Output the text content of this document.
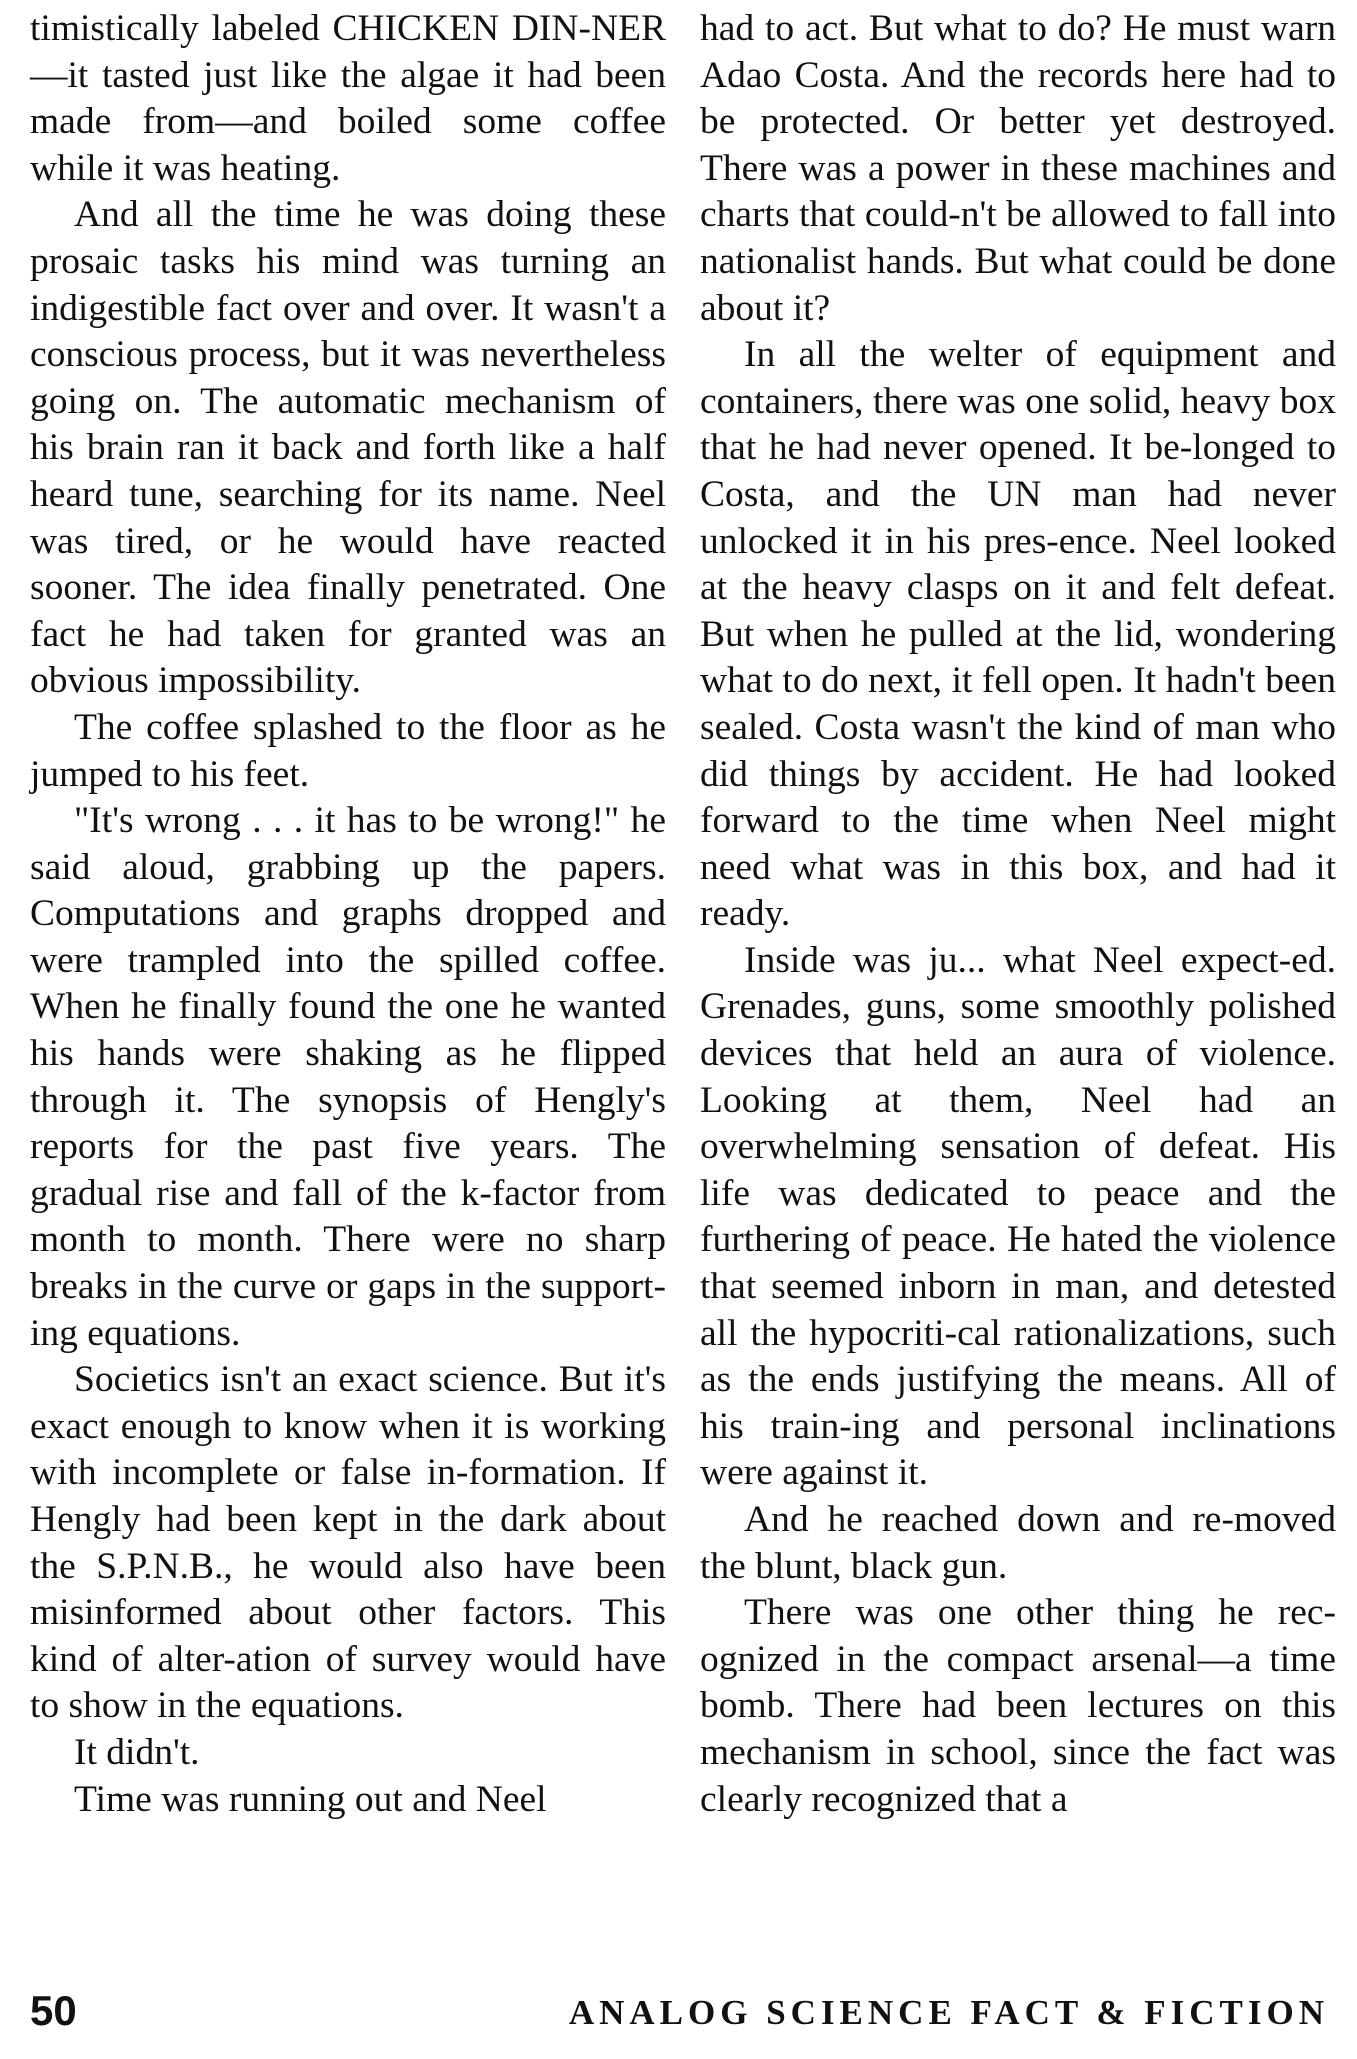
timistically labeled CHICKEN DIN-NER—it tasted just like the algae it had been made from—and boiled some coffee while it was heating.

And all the time he was doing these prosaic tasks his mind was turning an indigestible fact over and over. It wasn't a conscious process, but it was nevertheless going on. The automatic mechanism of his brain ran it back and forth like a half heard tune, searching for its name. Neel was tired, or he would have reacted sooner. The idea finally penetrated. One fact he had taken for granted was an obvious impossibility.

The coffee splashed to the floor as he jumped to his feet.

"It's wrong . . . it has to be wrong!" he said aloud, grabbing up the papers. Computations and graphs dropped and were trampled into the spilled coffee. When he finally found the one he wanted his hands were shaking as he flipped through it. The synopsis of Hengly's reports for the past five years. The gradual rise and fall of the k-factor from month to month. There were no sharp breaks in the curve or gaps in the support-ing equations.

Societics isn't an exact science. But it's exact enough to know when it is working with incomplete or false in-formation. If Hengly had been kept in the dark about the S.P.N.B., he would also have been misinformed about other factors. This kind of alter-ation of survey would have to show in the equations.

It didn't.

Time was running out and Neel

had to act. But what to do? He must warn Adao Costa. And the records here had to be protected. Or better yet destroyed. There was a power in these machines and charts that could-n't be allowed to fall into nationalist hands. But what could be done about it?

In all the welter of equipment and containers, there was one solid, heavy box that he had never opened. It be-longed to Costa, and the UN man had never unlocked it in his pres-ence. Neel looked at the heavy clasps on it and felt defeat. But when he pulled at the lid, wondering what to do next, it fell open. It hadn't been sealed. Costa wasn't the kind of man who did things by accident. He had looked forward to the time when Neel might need what was in this box, and had it ready.

Inside was ju... what Neel expect-ed. Grenades, guns, some smoothly polished devices that held an aura of violence. Looking at them, Neel had an overwhelming sensation of defeat. His life was dedicated to peace and the furthering of peace. He hated the violence that seemed inborn in man, and detested all the hypocriti-cal rationalizations, such as the ends justifying the means. All of his train-ing and personal inclinations were against it.

And he reached down and re-moved the blunt, black gun.

There was one other thing he rec-ognized in the compact arsenal—a time bomb. There had been lectures on this mechanism in school, since the fact was clearly recognized that a

50	ANALOG SCIENCE FACT & FICTION
